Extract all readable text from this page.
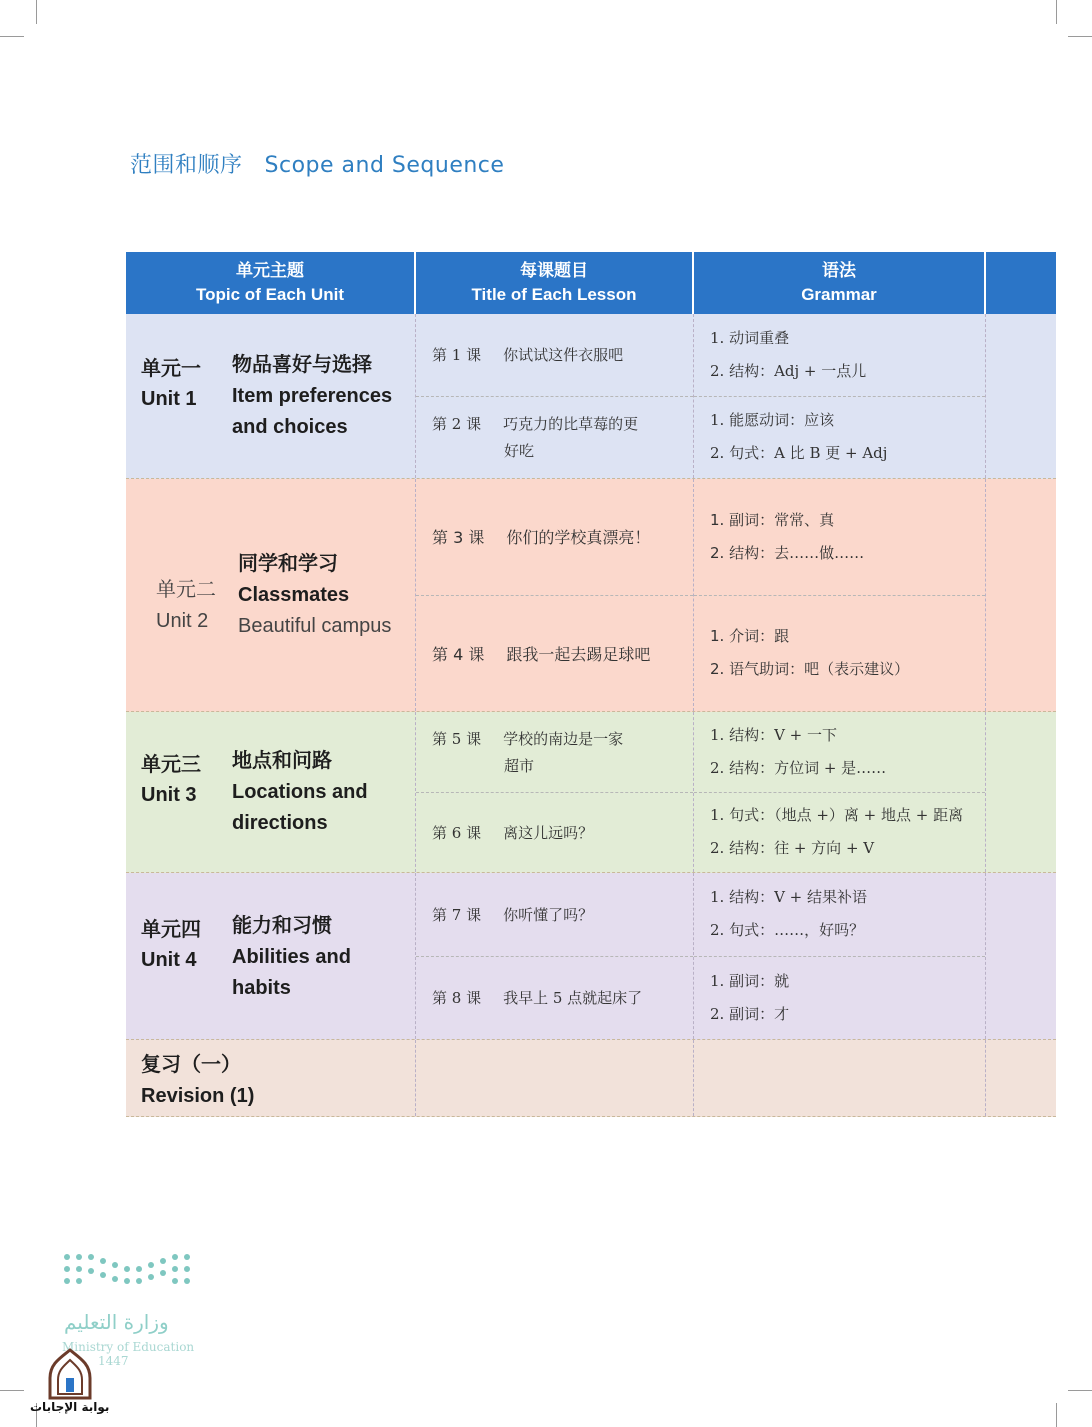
范围和顺序 Scope and Sequence
单元主题
Topic of Each Unit
每课题目
Title of Each Lesson
语法
Grammar
单元一
Unit 1
物品喜好与选择
Item preferences
and choices
第 1 课 你试试这件衣服吧
第 2 课 巧克力的比草莓的更
好吃
1. 动词重叠
2. 结构：Adj + 一点儿
1. 能愿动词：应该
2. 句式：A 比 B 更 + Adj
单元二
Unit 2
同学和学习
Classmates
Beautiful campus
第 3 课 你们的学校真漂亮！
第 4 课 跟我一起去踢足球吧
1. 副词：常常、真
2. 结构：去……做……
1. 介词：跟
2. 语气助词：吧（表示建议）
单元三
Unit 3
地点和问路
Locations and
directions
第 5 课 学校的南边是一家
超市
第 6 课 离这儿远吗？
1. 结构：V + 一下
2. 结构：方位词 + 是……
1. 句式：（地点 +）离 + 地点 + 距离
2. 结构：往 + 方向 + V
单元四
Unit 4
能力和习惯
Abilities and
habits
第 7 课 你听懂了吗？
第 8 课 我早上 5 点就起床了
1. 结构：V + 结果补语
2. 句式：……，好吗？
1. 副词：就
2. 副词：才
复习（一）
Revision (1)
وزارة التعليم
Ministry of Education
1447
بوابة الإجابات
